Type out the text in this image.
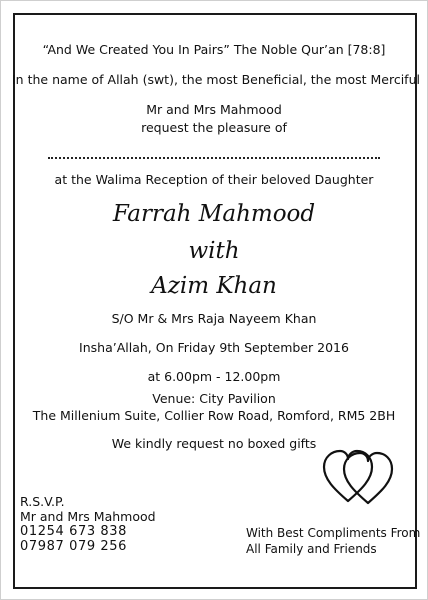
“And We Created You In Pairs” The Noble Qur’an [78:8]
In the name of Allah (swt), the most Beneficial, the most Merciful
Mr and Mrs Mahmood
request the pleasure of
at the Walima Reception of their beloved Daughter
Farrah Mahmood
with
Azim Khan
S/O Mr & Mrs Raja Nayeem Khan
Insha’Allah, On Friday 9th September 2016
at 6.00pm - 12.00pm
Venue: City Pavilion
The Millenium Suite, Collier Row Road, Romford, RM5 2BH
We kindly request no boxed gifts
R.S.V.P.
Mr and Mrs Mahmood
01254 673 838
07987 079 256
With Best Compliments From
All Family and Friends
